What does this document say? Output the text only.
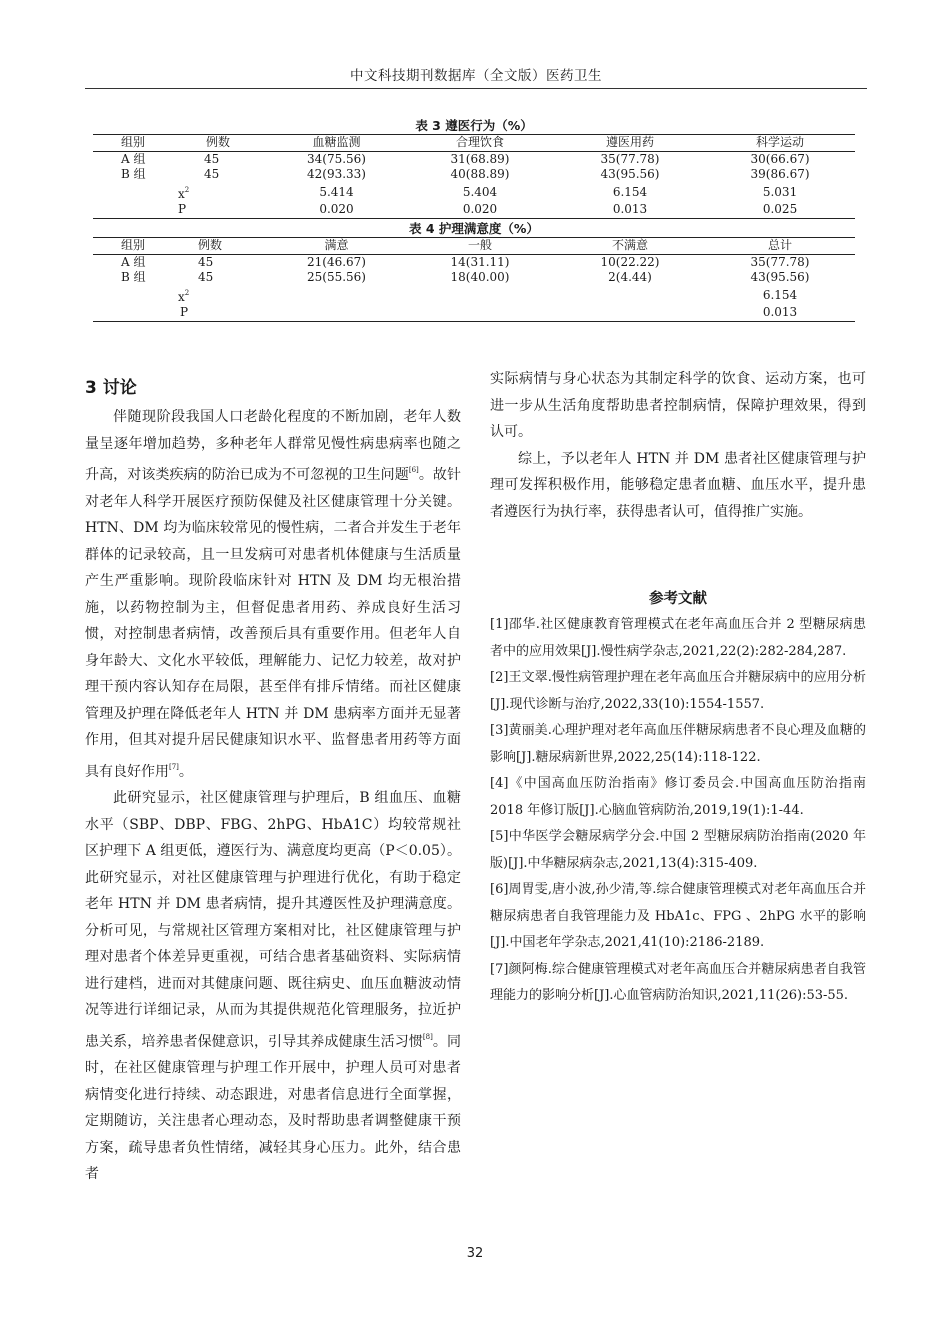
中文科技期刊数据库（全文版）医药卫生
表 3 遵医行为（%）					
组别	例数	血糖监测	合理饮食	遵医用药	科学运动
A 组	45	34(75.56)	31(68.89)	35(77.78)	30(66.67)
B 组	45	42(93.33)	40(88.89)	43(95.56)	39(86.67)
	$x^2$	5.414	5.404	6.154	5.031
	P	0.020	0.020	0.013	0.025
表 4 护理满意度（%）					
组别	例数	满意	一般	不满意	总计
A 组	45	21(46.67)	14(31.11)	10(22.22)	35(77.78)
B 组	45	25(55.56)	18(40.00)	2(4.44)	43(95.56)
	$x^2$				6.154
	P				0.013
3 讨论

伴随现阶段我国人口老龄化程度的不断加剧，老年人数量呈逐年增加趋势，多种老年人群常见慢性病患病率也随之升高，对该类疾病的防治已成为不可忽视的卫生问题[6]。故针对老年人科学开展医疗预防保健及社区健康管理十分关键。HTN、DM 均为临床较常见的慢性病，二者合并发生于老年群体的记录较高，且一旦发病可对患者机体健康与生活质量产生严重影响。现阶段临床针对 HTN 及 DM 均无根治措施，以药物控制为主，但督促患者用药、养成良好生活习惯，对控制患者病情，改善预后具有重要作用。但老年人自身年龄大、文化水平较低，理解能力、记忆力较差，故对护理干预内容认知存在局限，甚至伴有排斥情绪。而社区健康管理及护理在降低老年人 HTN 并 DM 患病率方面并无显著作用，但其对提升居民健康知识水平、监督患者用药等方面具有良好作用[7]。

此研究显示，社区健康管理与护理后，B 组血压、血糖水平（SBP、DBP、FBG、2hPG、HbA1C）均较常规社区护理下 A 组更低，遵医行为、满意度均更高（P＜0.05）。此研究显示，对社区健康管理与护理进行优化，有助于稳定老年 HTN 并 DM 患者病情，提升其遵医性及护理满意度。分析可见，与常规社区管理方案相对比，社区健康管理与护理对患者个体差异更重视，可结合患者基础资料、实际病情进行建档，进而对其健康问题、既往病史、血压血糖波动情况等进行详细记录，从而为其提供规范化管理服务，拉近护患关系，培养患者保健意识，引导其养成健康生活习惯[8]。同时，在社区健康管理与护理工作开展中，护理人员可对患者病情变化进行持续、动态跟进，对患者信息进行全面掌握，定期随访，关注患者心理动态，及时帮助患者调整健康干预方案，疏导患者负性情绪，减轻其身心压力。此外，结合患者

实际病情与身心状态为其制定科学的饮食、运动方案，也可进一步从生活角度帮助患者控制病情，保障护理效果，得到认可。

综上，予以老年人 HTN 并 DM 患者社区健康管理与护理可发挥积极作用，能够稳定患者血糖、血压水平，提升患者遵医行为执行率，获得患者认可，值得推广实施。

参考文献

[1]邵华.社区健康教育管理模式在老年高血压合并 2 型糖尿病患者中的应用效果[J].慢性病学杂志,2021,22(2):282-284,287.

[2]王文翠.慢性病管理护理在老年高血压合并糖尿病中的应用分析[J].现代诊断与治疗,2022,33(10):1554-1557.

[3]黄丽美.心理护理对老年高血压伴糖尿病患者不良心理及血糖的影响[J].糖尿病新世界,2022,25(14):118-122.

[4]《中国高血压防治指南》修订委员会.中国高血压防治指南 2018 年修订版[J].心脑血管病防治,2019,19(1):1-44.

[5]中华医学会糖尿病学分会.中国 2 型糖尿病防治指南(2020 年版)[J].中华糖尿病杂志,2021,13(4):315-409.

[6]周胃雯,唐小波,孙少清,等.综合健康管理模式对老年高血压合并糖尿病患者自我管理能力及 HbA1c、FPG 、2hPG 水平的影响[J].中国老年学杂志,2021,41(10):2186-2189.

[7]颜阿梅.综合健康管理模式对老年高血压合并糖尿病患者自我管理能力的影响分析[J].心血管病防治知识,2021,11(26):53-55.

32
